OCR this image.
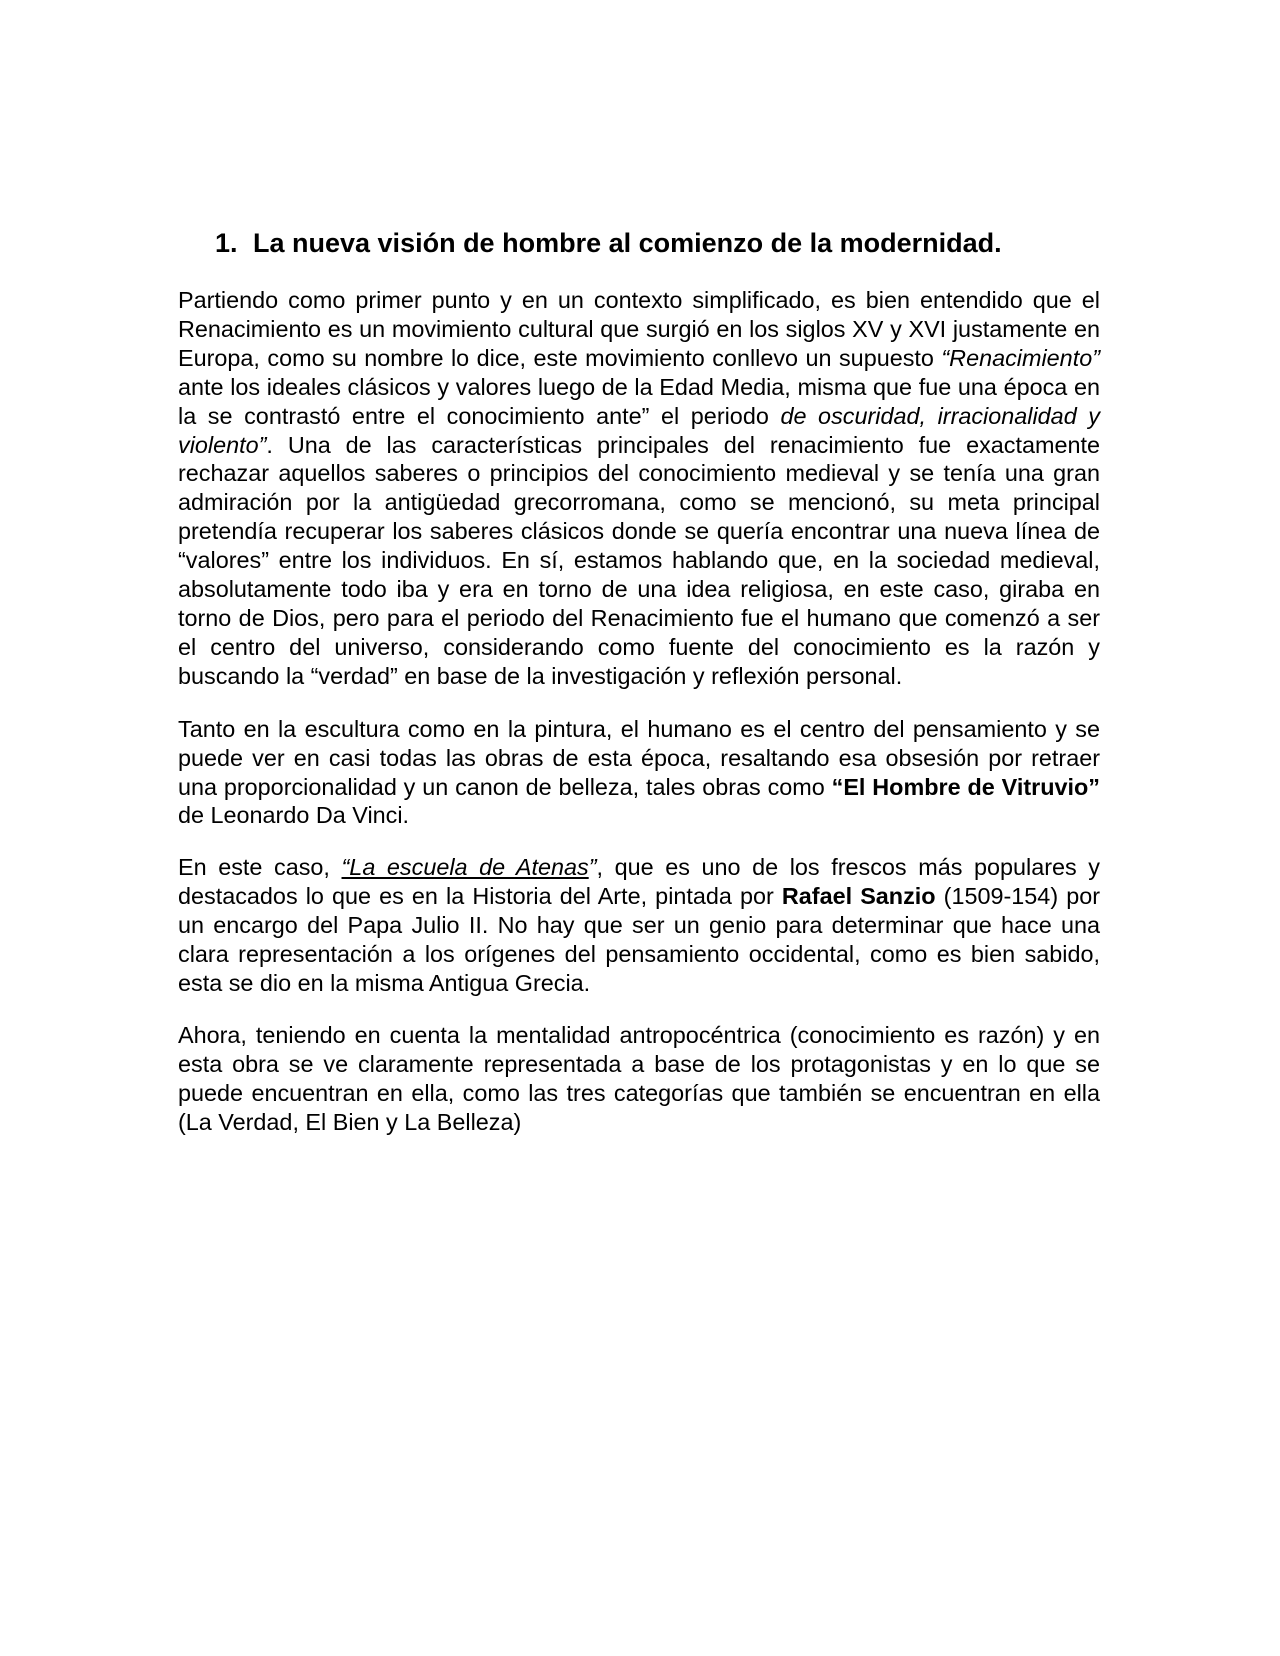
1. La nueva visión de hombre al comienzo de la modernidad.

Partiendo como primer punto y en un contexto simplificado, es bien entendido que el Renacimiento es un movimiento cultural que surgió en los siglos XV y XVI justamente en Europa, como su nombre lo dice, este movimiento conllevo un supuesto “Renacimiento” ante los ideales clásicos y valores luego de la Edad Media, misma que fue una época en la se contrastó entre el conocimiento ante” el periodo de oscuridad, irracionalidad y violento”. Una de las características principales del renacimiento fue exactamente rechazar aquellos saberes o principios del conocimiento medieval y se tenía una gran admiración por la antigüedad grecorromana, como se mencionó, su meta principal pretendía recuperar los saberes clásicos donde se quería encontrar una nueva línea de “valores” entre los individuos. En sí, estamos hablando que, en la sociedad medieval, absolutamente todo iba y era en torno de una idea religiosa, en este caso, giraba en torno de Dios, pero para el periodo del Renacimiento fue el humano que comenzó a ser el centro del universo, considerando como fuente del conocimiento es la razón y buscando la “verdad” en base de la investigación y reflexión personal.

Tanto en la escultura como en la pintura, el humano es el centro del pensamiento y se puede ver en casi todas las obras de esta época, resaltando esa obsesión por retraer una proporcionalidad y un canon de belleza, tales obras como “El Hombre de Vitruvio” de Leonardo Da Vinci.

En este caso, “La escuela de Atenas”, que es uno de los frescos más populares y destacados lo que es en la Historia del Arte, pintada por Rafael Sanzio (1509-154) por un encargo del Papa Julio II. No hay que ser un genio para determinar que hace una clara representación a los orígenes del pensamiento occidental, como es bien sabido, esta se dio en la misma Antigua Grecia.

Ahora, teniendo en cuenta la mentalidad antropocéntrica (conocimiento es razón) y en esta obra se ve claramente representada a base de los protagonistas y en lo que se puede encuentran en ella, como las tres categorías que también se encuentran en ella (La Verdad, El Bien y La Belleza)
